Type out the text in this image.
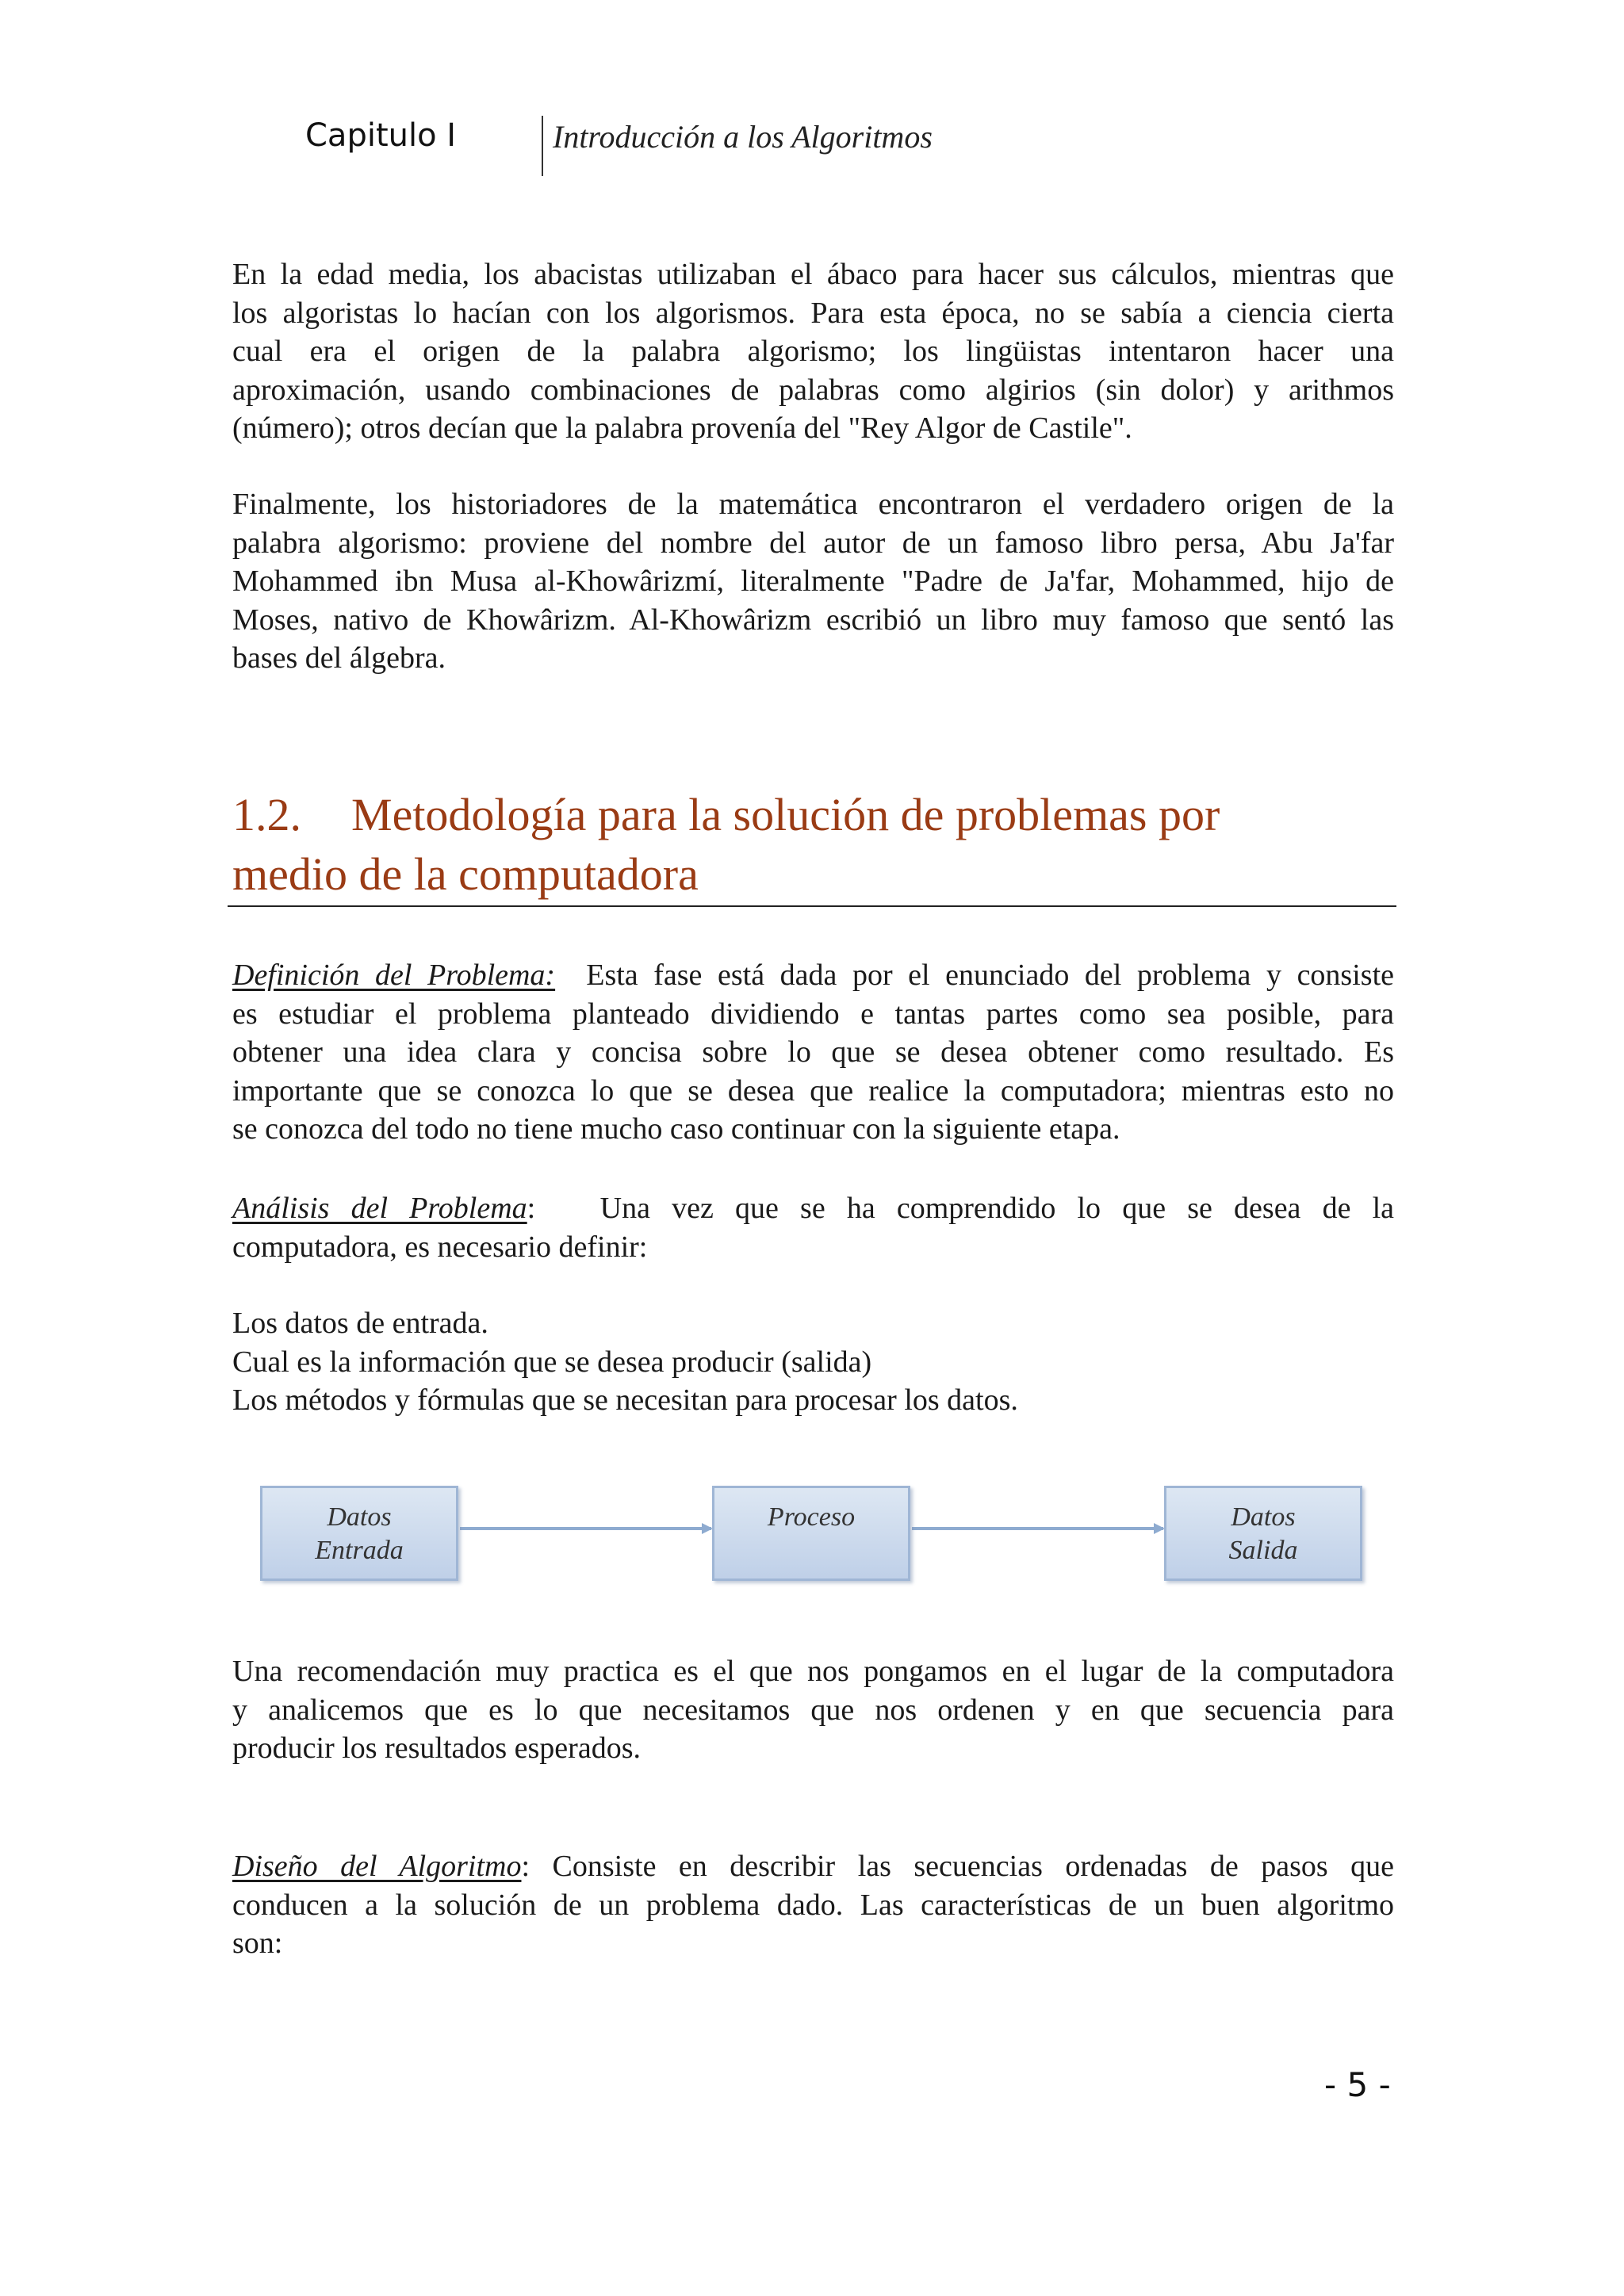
Capitulo I	Introducción a los Algoritmos
En la edad media, los abacistas utilizaban el ábaco para hacer sus cálculos, mientras que
los algoristas lo hacían con los algorismos. Para esta época, no se sabía a ciencia cierta
cual era el origen de la palabra algorismo; los lingüistas intentaron hacer una
aproximación, usando combinaciones de palabras como algirios (sin dolor) y arithmos
(número); otros decían que la palabra provenía del "Rey Algor de Castile".
Finalmente, los historiadores de la matemática encontraron el verdadero origen de la
palabra algorismo: proviene del nombre del autor de un famoso libro persa, Abu Ja'far
Mohammed ibn Musa al-Khowârizmí, literalmente "Padre de Ja'far, Mohammed, hijo de
Moses, nativo de Khowârizm. Al-Khowârizm escribió un libro muy famoso que sentó las
bases del álgebra.
1.2. Metodología para la solución de problemas por
medio de la computadora
Definición del Problema: Esta fase está dada por el enunciado del problema y consiste
es estudiar el problema planteado dividiendo e tantas partes como sea posible, para
obtener una idea clara y concisa sobre lo que se desea obtener como resultado. Es
importante que se conozca lo que se desea que realice la computadora; mientras esto no
se conozca del todo no tiene mucho caso continuar con la siguiente etapa.
Análisis del Problema: Una vez que se ha comprendido lo que se desea de la
computadora, es necesario definir:
Los datos de entrada.
Cual es la información que se desea producir (salida)
Los métodos y fórmulas que se necesitan para procesar los datos.
Datos
Entrada
Proceso	Datos
Salida
Una recomendación muy practica es el que nos pongamos en el lugar de la computadora
y analicemos que es lo que necesitamos que nos ordenen y en que secuencia para
producir los resultados esperados.
Diseño del Algoritmo: Consiste en describir las secuencias ordenadas de pasos que
conducen a la solución de un problema dado. Las características de un buen algoritmo
son:
- 5 -
